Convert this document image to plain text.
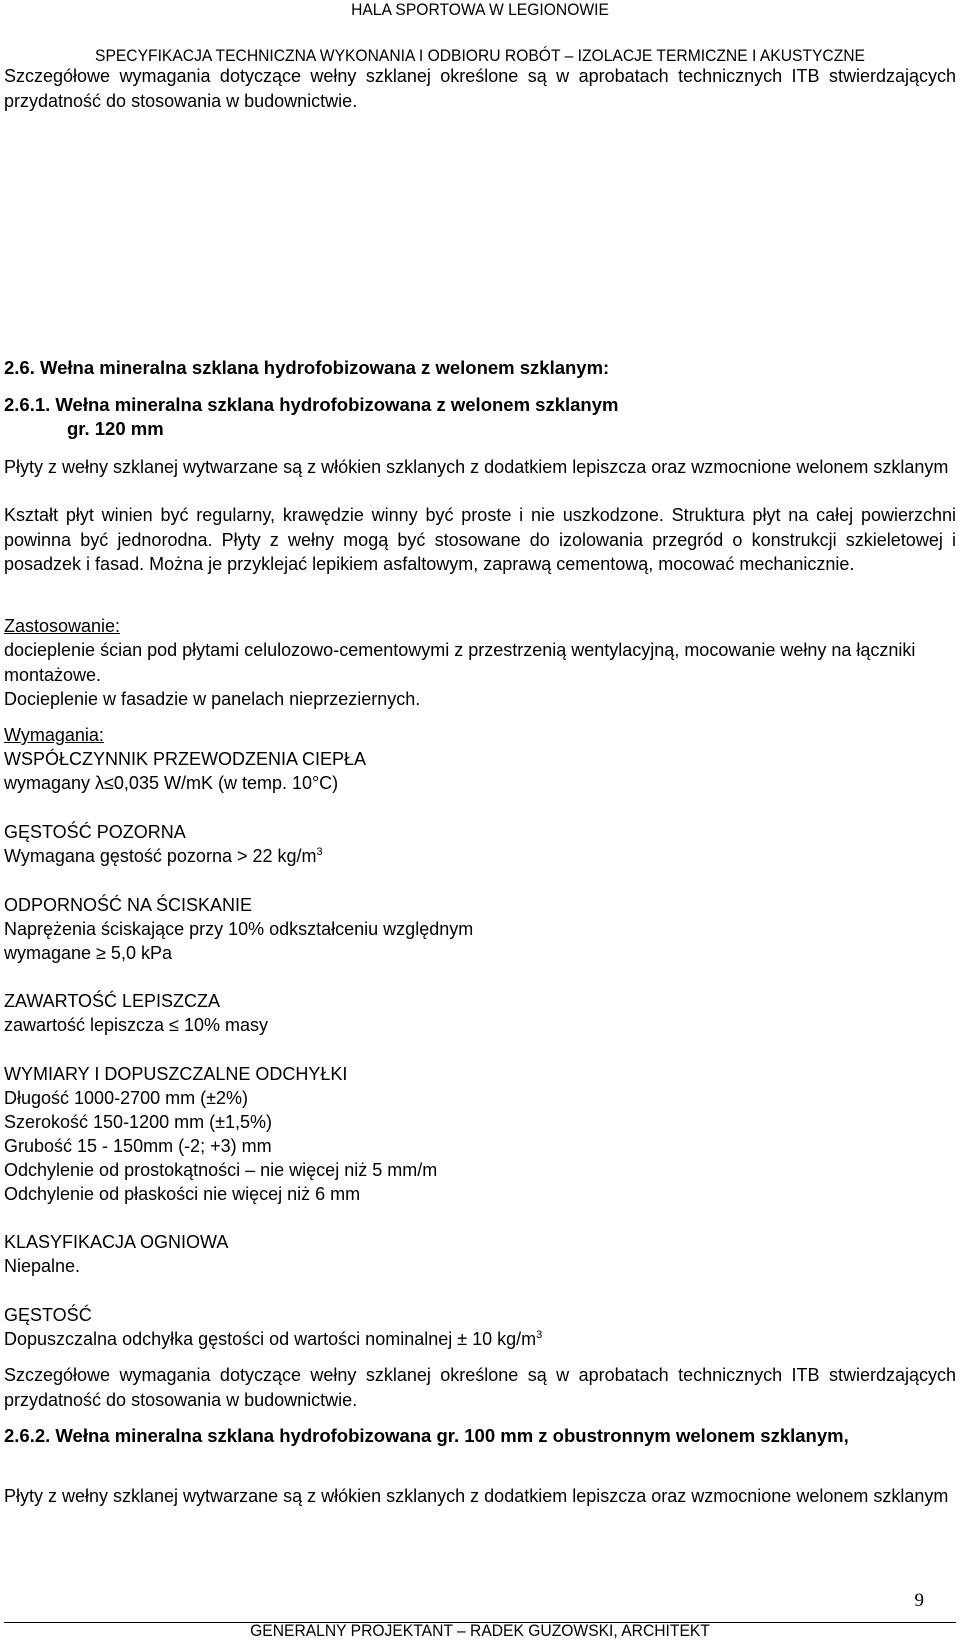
HALA SPORTOWA W LEGIONOWIE
SPECYFIKACJA TECHNICZNA WYKONANIA I ODBIORU ROBÓT – IZOLACJE TERMICZNE I AKUSTYCZNE
Szczegółowe wymagania dotyczące wełny szklanej określone są w aprobatach technicznych ITB stwierdzających przydatność do stosowania w budownictwie.
2.6. Wełna mineralna szklana hydrofobizowana z welonem szklanym:
2.6.1. Wełna mineralna szklana hydrofobizowana z welonem szklanym
gr. 120 mm
Płyty z wełny szklanej wytwarzane są z włókien szklanych z dodatkiem lepiszcza oraz wzmocnione welonem szklanym
Kształt płyt winien być regularny, krawędzie winny być proste i nie uszkodzone. Struktura płyt na całej powierzchni powinna być jednorodna. Płyty z wełny mogą być stosowane do izolowania przegród o konstrukcji szkieletowej i posadzek i fasad. Można je przyklejać lepikiem asfaltowym, zaprawą cementową, mocować mechanicznie.
Zastosowanie:
docieplenie ścian pod płytami celulozowo-cementowymi z przestrzenią wentylacyjną, mocowanie wełny na łączniki montażowe.
Docieplenie w fasadzie w panelach nieprzeziernych.
Wymagania:
WSPÓŁCZYNNIK PRZEWODZENIA CIEPŁA
wymagany λ≤0,035 W/mK (w temp. 10°C)
GĘSTOŚĆ POZORNA
Wymagana gęstość pozorna > 22 $kg/m^3$
ODPORNOŚĆ NA ŚCISKANIE
Naprężenia ściskające przy 10% odkształceniu względnym
wymagane ≥ 5,0 kPa
ZAWARTOŚĆ LEPISZCZA
zawartość lepiszcza ≤ 10% masy
WYMIARY I DOPUSZCZALNE ODCHYŁKI
Długość 1000-2700 mm (±2%)
Szerokość 150-1200 mm (±1,5%)
Grubość 15 - 150mm (-2; +3) mm
Odchylenie od prostokątności – nie więcej niż 5 mm/m
Odchylenie od płaskości nie więcej niż 6 mm
KLASYFIKACJA OGNIOWA
Niepalne.
GĘSTOŚĆ
Dopuszczalna odchyłka gęstości od wartości nominalnej ± 10 $kg/m^3$
Szczegółowe wymagania dotyczące wełny szklanej określone są w aprobatach technicznych ITB stwierdzających przydatność do stosowania w budownictwie.
2.6.2. Wełna mineralna szklana hydrofobizowana gr. 100 mm z obustronnym welonem szklanym,
Płyty z wełny szklanej wytwarzane są z włókien szklanych z dodatkiem lepiszcza oraz wzmocnione welonem szklanym
9
GENERALNY PROJEKTANT – RADEK GUZOWSKI, ARCHITEKT
